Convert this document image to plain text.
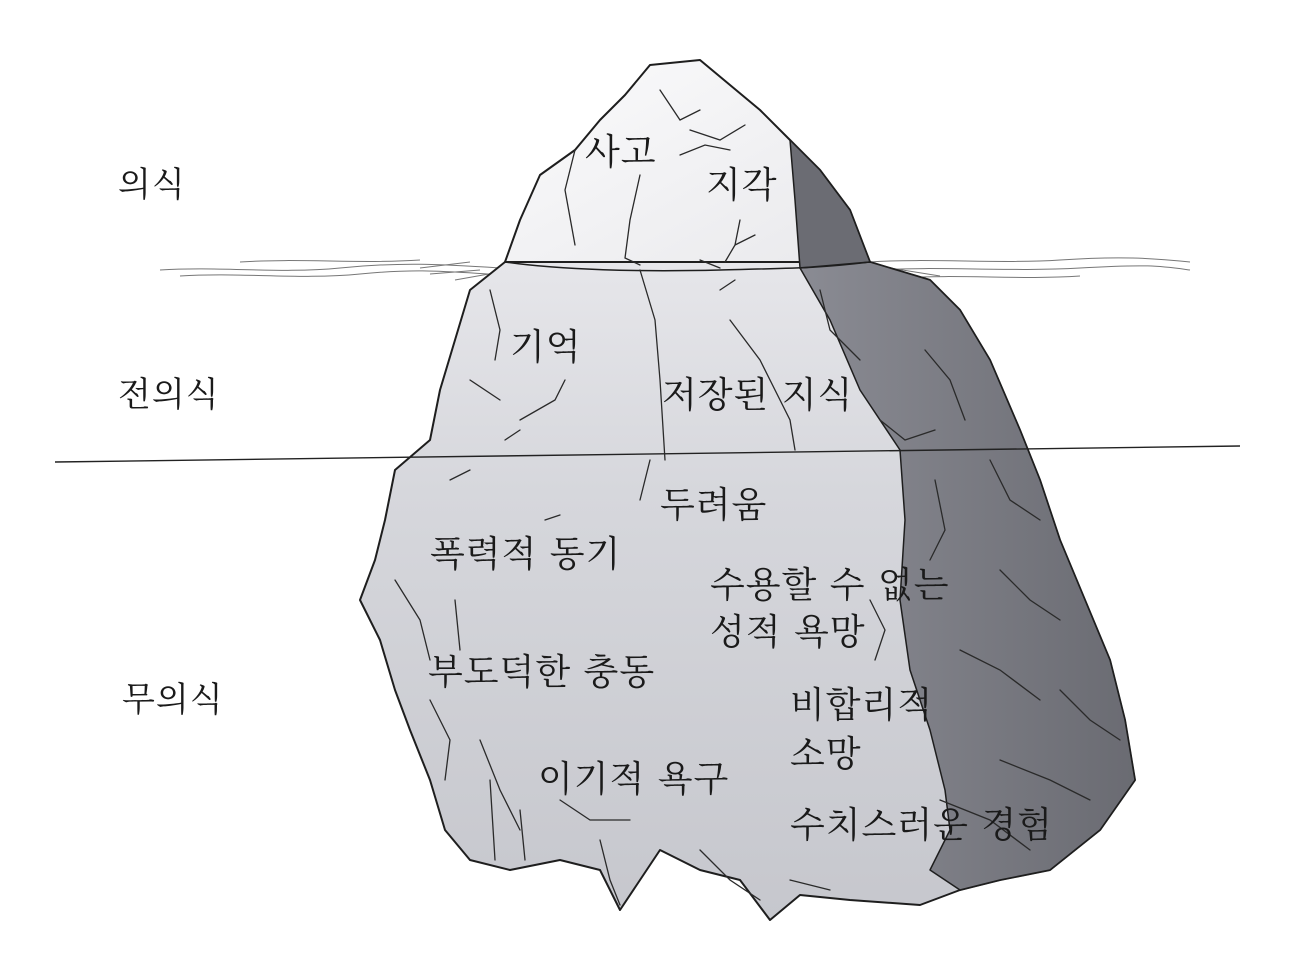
의식
전의식
무의식
사고
지각
기억
저장된 지식
두려움
폭력적 동기
수용할 수 없는
성적 욕망
부도덕한 충동
비합리적
소망
이기적 욕구
수치스러운 경험
